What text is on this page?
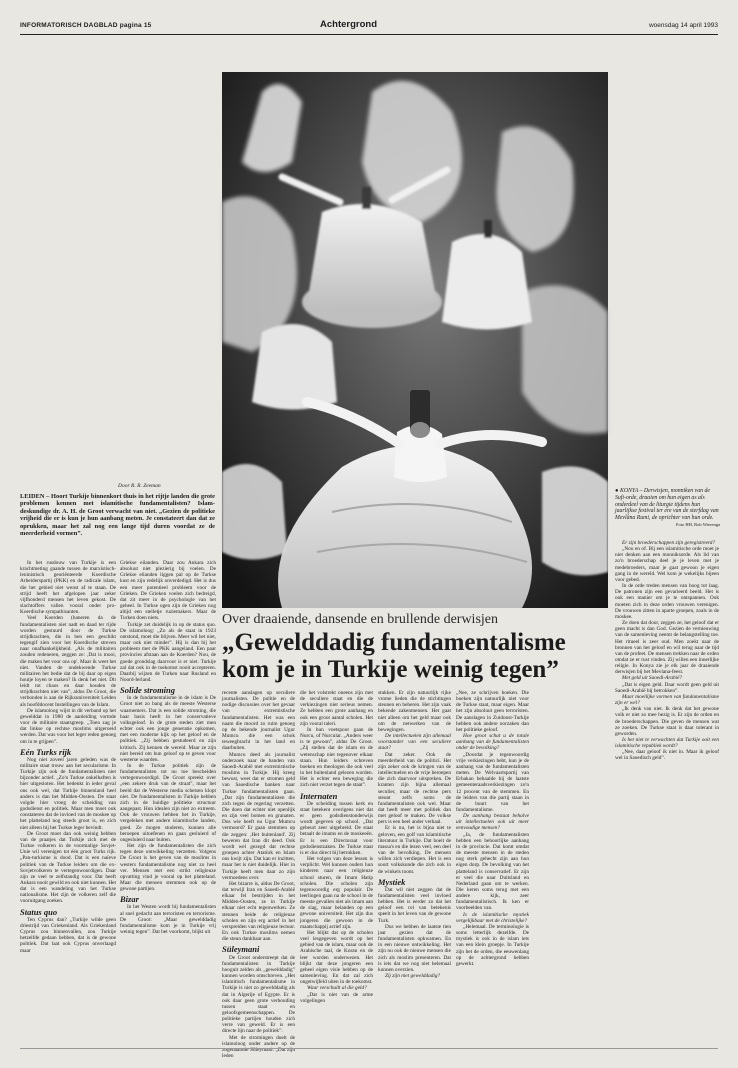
INFORMATORISCH DAGBLAD pagina 15	Achtergrond	woensdag 14 april 1993
Door R. R. Zeeman
LEIDEN – Hoort Turkije binnenkort thuis in het rijtje landen die grote problemen kennen met islamitische fundamentalisten? Islam-deskundige dr. A. H. de Groot verwacht van niet. „Gezien de politieke vrijheid die er is kun je hun aanbang meten. Je constateert dan dat ze oprukken, maar het zal nog een lange tijd duren voordat ze de meerderheid vormen”.
● KONYA – Derwisjen, monniken van de Sufi-orde, draaien om hun eigen as als onderdeel van de liturgie tijdens hun jaarlijkse festival ter ere van de sterfdag van Mevlâna Rumi, de oprichter van hun orde.
Foto HH, Rob Wierenga
Over draaiende, dansende en brullende derwisjen
„Gewelddadig fundamentalisme kom je in Turkije weinig tegen”

In het rusdouw van Turkije is een krachtmeting gaande tussen de marxistisch-leninistisch georiënteerde Koerdische Arbeiderspartij (PKK) en de radicale islam, die het gebied niet wenst af te staan. De strijd heeft het afgelopen jaar zeker vijfhonderd mensen het leven gekost. De slachtoffers vallen vooral onder pro-Koerdische sympathisanten.

Veel Koerden (haneren da de fundamentalisten niet nadt en daad ter rijde worden gestuurd door de Turkse strijdkrachten, die in hen een geschikt tegengif zien voor het Koerdische streven naar onafhankelijkheid. „Als de militairen zouden redeneren, zeggen ze: ,Dat is mooi, die maken het voor ons op'. Maar ik weet het niet. Vanden de ondekwende Turkse militairen het bedie dat de bij daar op eigen houtje loyen te maken? Ik denk het niet. Dit leidt tot chaos en daar houden de strijdkrachten niet van”, aldus De Groot, die verbonden is aan de Rijksuniversiteit Leiden als hoofddocent Instellingen van de Islam.

De islamoloog wijst in dit verband op het gewelddat in 1980 de aanleiding vormde voor de militaire staatsgreep. „Toen zag je dat linkse op rechtse moslims uitgeroeid werden. Dat was voor het leger reden genoeg om in te grijpen”.

Eén Turks rijk

Nog niet zoveel jaren geleden was de militaire staat trouw aan het secularisme. In Turkije zijn ook de fundamentalisten niet bijzonder actief. „Zo'n Turkse onkelhaften is hier uitgesloten. Het bedenkt in ieder geval ons ook wel, dat Turkije binnenland heel anders is dan het Midden-Oosten. De staat volgde hier vroeg de scheiding van godsdienst en politiek. Maar men moet ook constateren dat de invloed van de moskee op het platteland nog steeds groot is, en zich niet alleen bij het Turkse leger bevindt.

De Groot moet dan ook weinig hebben van de praatjes dat Turkije zich met de Turkse volkeren in de voormalige Sovjet-Unie wil verenigen tot één groot Turks rijk. „Pan-turkisme is dood. Dat is een naïeve politiek van de Turkse leiders om die ex-Sovjetvolkeren te vertegenwoordigen. Daar zijn ze veel te zelfstandig voor. Dat heeft Ankara nooit gewild en ook niet kunnen. Het dat is een wandeling van het Turkse nationalisme. Het zijn de volkeren zelf die vooruitgang zoeken.

Status quo

Ten Cyprus dan? „Turkije wilde geen driestrijd van Griekenland. Als Griekenland Cyprus zou binnenvallen, zou Turkije hetzelfde gedaan hebben, dat is de gewone politiek. Dat laat ook Cyprus onverlaagd maar

Griekse eilanden. Daar zou Ankara zich absoluut niet plezierig bij voelen. De Griekse eilanden liggen pal op de Turkse kust en zijn redelijk onverdedigd. Het is dus een meer potentieel probleem voor de Grieken. De Grieken voelen zich bedreigd, dat zit meer in de psychologie van het geheel. In Turkse ogen zijn de Grieken nog altijd een stelletje ruziemakers. Maar de Turken doen niets.

Turkije zet duidelijk in op de status quo. De islamoloog: „Zo als de staat in 1923 ontstond, moet die blijven. Meer wil het niet, maar ook niet minder”. Hij is dan bij het probleem met de PKK aangeland. Een paar provincies afstaan aan de Koerden? Nou, de goede grondslag daarvoor is er niet. Turkije zal dat ook in de toekomst nooit accepteren. Daarbij wijzen de Turken naar Rusland en Noord-Ierland.

Solide stroming

In de fundamentalisme in de islam is De Groot niet zo bang als de meeste Westerse waarnemers. Dat is een solide stroming, die haar basis heeft in het conservatieve volksgeloof. In de grote steden ziet men echter ook een jonge generatie opkomen, met een moderne kijk op het geloof en de politiek. „Zij hebben gestudeerd en zijn kritisch. Zij kennen de wereld. Maar ze zijn niet bereid om hun geloof op te geven voor westerse waarden.

In de Turkse politiek zijn de fundamentalisten tot nu toe bescheiden vertegenwoordigd. De Groot spreekt over „een zekere druk van de straat”, maar het beeld dat de Westerse media schetsen klopt niet. De fundamentalisten in Turkije hebben zich in de huidige politieke structuur aangepast. Hun idealen zijn niet zo extreem. Ook de vrouwen hebben het in Turkije, vergeleken met andere islamitische landen, goed. Ze mogen studeren, kunnen alle beroepen uitoefenen en gaan gesluierd of ongesluierd naar buiten.

Het zijn de fundamentalisten die zich tegen deze ontwikkeling verzetten. Volgens De Groot is het geven van de moslims in westers fundamentalisme nog niet zo heel ver. Mensen met een strikt religieuze opvatting vind je vooral op het platteland. Maar die mensen stemmen ook op de gewone partijen.

Bizar

In het Westen wordt bij fundamentalisten al snel gedacht aan terroristen en terrorisme. De Groot: „Maar gewelddadig fundamentalisme kom je in Turkije vrij weinig tegen”. Dat het voorkomt, blijkt uit

recente aanslagen op seculiere journalisten. De politie en de nodige discussies over het gevaar van extremistische fundamentalisten. Het was een naam die moord zo ruim genoeg op de bekende journalist Ugur Mumcu die een schok teweegbracht in het land en daarbuiten.

Mumcu deed als journalist onderzoek naar de banden van Saoedi-Arabië met extremistische moslims in Turkije. Hij kreeg bewust, weet dat er stromen geld van Saoedische banken naar Turkse fundamentalisten gaan. „Dat zijn fundamentalisten die zich tegen de regering verzetten. Die doen dat echter niet openlijk en zijn veel bomen en granaten. Dus wie heeft nu Ugur Mumcu vermoord? Er gaan stemmen op die zeggen: ,Het buitenland'. Zij beweren dat Iran dit deed. Ook wordt wel gezegd dat rechtse groepen achter Atatürk en Islam ons kwijt zijn. Dat kan er inzitten, maar het is niet duidelijk. Hier in Turkije heeft men daar zo zijn vermoedens over.

Het bizarre is, aldus De Groot, dat terwijl Iran en Saoedi-Arabië elkaar fel bestrijden in het Midden-Oosten, ze in Turkije elkaar niet echt tegenwerken. Ze steunen beide de religieuze scholen en zijn erg actief in het verspreiden van religieuze lectuur. En ook Turkse moslims nemen die steun dankbaar aan.

Süleymani

De Groot onderstreept dat de fundamentalisten in Turkije hooguit zelden als „gewelddadig” kunnen worden omschreven. „Het islamitisch fundamentalisme in Turkije is niet zo gewelddadig als dat in Algerije of Egypte. Er is ook daar geen grote verhouding tussen staat en geloofsgemeenschappen. De politieke partijen houden zich verre van geweld. Er is een directe lijn naar de politiek”.

Met de stromingen doelt de islamoloog onder andere op de zogenaamde Süleymani. „Dat zijn leden

die het volstrekt oneens zijn met de seculiere staat en die de verkiezingen niet serieus nemen. Ze hebben een grote aanhang en ook een groot aantal scholen. Het zijn vooral taleri.

In hun voetspoor gaan de Nurcu, of Nurcular. „Anders weer is te gewoon”, aldus De Groot. „Zij stellen dat de islam en de wetenschap niet tegenover elkaar staan. Hun leiders schreven boeken en theologen die ook veel in het buitenland gelezen worden. Het is echter een beweging die zich niet verzet tegen de staat”.

Internaten

De scheiding tussen kerk en staat betekent overigens niet dat er geen godsdienstonderwijs wordt gegeven op school. „Dat gebeurt zeer uitgebreid. De staat betaalt de imams en de moskeeën. Er is een Directoraat voor godsdienstzaken. De Turkse staat is er dus direct bij betrokken.

Het volgen van deze lessen is verplicht. Wel kunnen ouders hun kinderen naar een religieuze school sturen, de Imam Hatip scholen. Die scholen zijn tegenwoordig erg populair. De leerlingen gaan na de school in de meeste gevallen niet als imam aan de slag, maar belanden op een gewone universiteit. Het zijn dus jongeren die gewoon in de maatschappij actief zijn.

Het blijkt dat op de scholen veel lesgegeven wordt op het gebied van de islam, maar ook de Arabische taal, de Koran en de leer worden onderwezen. Het blijkt dat deze jongeren een geheel eigen visie hebben op de samenleving. En dat zal zich ongetwijfeld uiten in de toekomst.

Waar verschuilt al die geld?

„Dat is niet van de arme volgelingen

stukken. Er zijn natuurlijk rijke vrome lieden die de stichtingen steunen en beheren. Het zijn vaak bekende zakenmensen. Het gaat niet alleen om het geld maar ook om de netwerken van de bewegingen.

De intellectuelen zijn allemaal voorstander van een seculiere staat?

Dat zeker. Ook de meerderheid van de politici. Het zijn zeker ook de kringen van de intellectuelen en de vrije beroepen die zich daarvoor uitspreken. De kranten zijn bijna allemaal seculier, maar de rechtse pers steunt zelfs soms de fundamentalisten ook wel. Maar dat heeft meer met politiek dan met geloof te maken. De volkse pers is een heel ander verhaal.

Er is nu, het is bijna niet te geloven, een golf van islamitische literatuur in Turkije. Dat boeit de massa's en die lezen veel, een deel van de bevolking. De mensen willen zich verdiepen. Het is een soort volkskunde die zich ook in de winkels toont.

Mystiek

Dat wil niet zeggen dat de fundamentalisten veel invloed hebben. Het is eerder zo dat het geloof een rol van betekenis speelt in het leven van de gewone Turk.

Dus we hebben de laatste tien jaar gezien dat de fundamentalisten opkwamen. En in een nieuwe ontwikkeling. Het zijn nu ook de nieuwe mensen die zich als moslim presenteren. Dat is iets dat we nog niet helemaal kunnen overzien.

Zij zijn niet gewelddadig?

„Nee, ze schrijven boeken. Die boeken zijn natuurlijk niet voor de Turkse staat, maar eigen. Maar het zijn absoluut geen terroristen. De aanslagen in Zuidoost-Turkije hebben ook andere oorzaken dan het politieke geloof.

Hoe groot schat u de totale aanhang van de fundamentalisten onder de bevolking?

„Doordat je tegenwoordig vrije verkiezingen hebt, kun je de aanhang van de fundamentalisten meten. De Welvaartspartij van Erbakan behaalde bij de laatste gemeenteraadsverkiezingen zo'n 12 procent van de stemmen. En de leiders van die partij staan in de buurt van het fundamentalisme.

De aanhang bestaat behalve uit intellectuelen ook uit meer eenvoudige mensen?

„Ja, de fundamentalisten hebben een behoorlijke aanhang in de provincie. Dat komt omdat de meeste mensen in de steden nog sterk gehecht zijn aan hun eigen dorp. De bevolking van het platteland is conservatief. Er zijn er veel die naar Duitsland en Nederland gaan om te werken. Die keren soms terug met een andere kijk, zeer fundamentalistisch. Ik ken er voorbeelden van.

Is de islamitische mystiek vergelijkbaar met de christelijke?

„Helemaal. De terminologie is soms letterlijk dezelfde. De mystiek is ook in de islam iets van een klein groepje. In Turkije zijn het de orden, die eeuwenlang op de achtergrond hebben gewerkt.

Er zijn broederschappen zijn geregistreerd?

„Nou en of. Bij een islamitische orde moet je niet denken aan een monniksorde. Als lid van zo'n broederschap deel je je leven met je medebroeders, maar je gaat gewoon je eigen gang in de wereld. Wel kom je wekelijks bijeen voor gebed.

In de orde treden mensen van hoog tot laag. De patronen zijn een gevarieerd beeld. Het is ook een manier om je te ontspannen. Ook moeten zich in deze orden vrouwen verenigen. De vrouwen zitten in aparte groepen, zoals in de moskee.

Ze doen dat door, zeggen ze, het geloof dat er geen macht is dan God. Gezien de vernieuwing van de samenleving neemt de belangstelling toe. Het ritueel is zeer oud. Men zoekt naar de bronnen van het geloof en wil terug naar de tijd van de profeet. De mensen trekken naar de orden omdat ze er rust vinden. Zij willen een innerlijke religie. In Konya zie je elk jaar de draaiende derwisjen bij het Mevlana-feest.

Met geld uit Saoedi-Arabië?

„Dat is eigen geld. Daar wordt geen geld uit Saoedi-Arabië bij betrokken”.

Maar moeilijke vormen van fundamentalisme zijn er wel?

„Ik denk van niet. Ik denk dat het gewone volk er niet zo mee bezig is. Er zijn de orden en de broederschappen. Die geven de mensen wat ze zoeken. De Turkse staat is daar tolerant in geworden.

Is het niet te verwachten dat Turkije ooit een islamitische republiek wordt?

„Nee, daar geloof ik niet in. Maar ik geloof wel in Saoedisch geld”.
